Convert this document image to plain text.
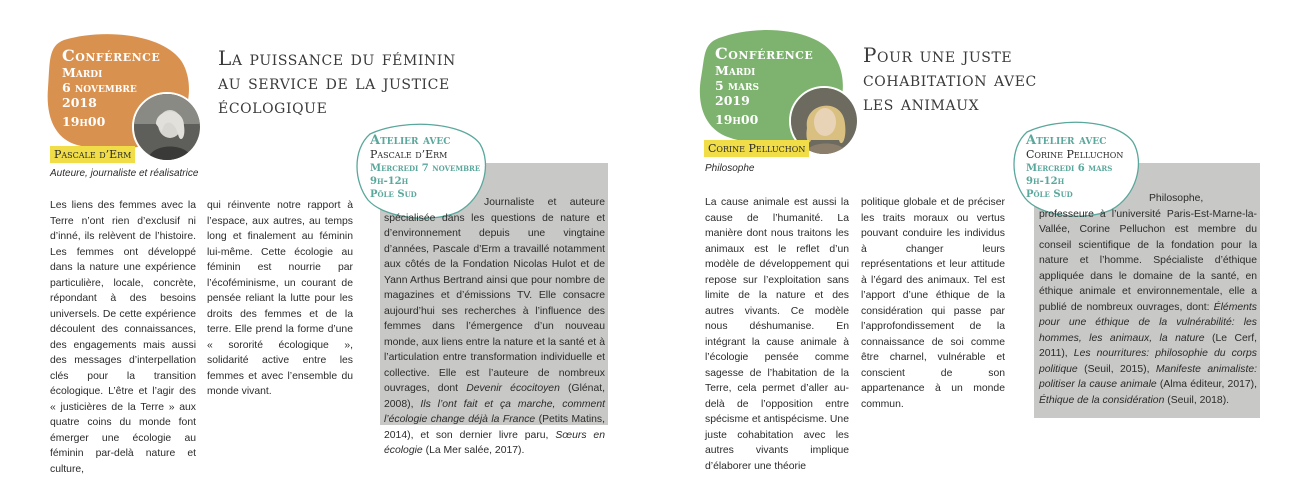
Conférence
Mardi
6 novembre
2018
19h00
Pascale d’Erm
Auteure, journaliste et réalisatrice
La puissance du féminin
au service de la justice
écologique
Les liens des femmes avec la Terre n’ont rien d’exclusif ni d’inné, ils relèvent de l’histoire. Les femmes ont développé dans la nature une expérience particulière, locale, concrète, répondant à des besoins universels. De cette expérience découlent des connaissances, des engagements mais aussi des messages d’interpellation clés pour la transition écologique. L’être et l’agir des « justicières de la Terre » aux quatre coins du monde font émerger une écologie au féminin par-delà nature et culture,
qui réinvente notre rapport à l’espace, aux autres, au temps long et finalement au féminin lui-même. Cette écologie au féminin est nourrie par l’écoféminisme, un courant de pensée reliant la lutte pour les droits des femmes et de la terre. Elle prend la forme d’une « sororité écologique », solidarité active entre les femmes et avec l’ensemble du monde vivant.
Atelier avec
Pascale d’Erm
Mercredi 7 novembre
9h-12h
Pôle Sud
Journaliste et auteure spécialisée dans les questions de nature et d’environnement depuis une vingtaine d’années, Pascale d’Erm a travaillé notamment aux côtés de la Fondation Nicolas Hulot et de Yann Arthus Bertrand ainsi que pour nombre de magazines et d’émissions TV. Elle consacre aujourd’hui ses recherches à l’influence des femmes dans l’émergence d’un nouveau monde, aux liens entre la nature et la santé et à l’articulation entre transformation individuelle et collective. Elle est l’auteure de nombreux ouvrages, dont Devenir écocitoyen (Glénat, 2008), Ils l’ont fait et ça marche, comment l’écologie change déjà la France (Petits Matins, 2014), et son dernier livre paru, Sœurs en écologie (La Mer salée, 2017).
Conférence
Mardi
5 mars
2019
19h00
Corine Pelluchon
Philosophe
Pour une juste
cohabitation avec
les animaux
La cause animale est aussi la cause de l’humanité. La manière dont nous traitons les animaux est le reflet d’un modèle de développement qui repose sur l’exploitation sans limite de la nature et des autres vivants. Ce modèle nous déshumanise. En intégrant la cause animale à l’écologie pensée comme sagesse de l’habitation de la Terre, cela permet d’aller au-delà de l’opposition entre spécisme et antispécisme. Une juste cohabitation avec les autres vivants implique d’élaborer une théorie
politique globale et de préciser les traits moraux ou vertus pouvant conduire les individus à changer leurs représentations et leur attitude à l’égard des animaux. Tel est l’apport d’une éthique de la considération qui passe par l’approfondissement de la connaissance de soi comme être charnel, vulnérable et conscient de son appartenance à un monde commun.
Atelier avec
Corine Pelluchon
Mercredi 6 mars
9h-12h
Pôle Sud	Philosophe, professeure à l’université Paris-Est-Marne-la-Vallée, Corine Pelluchon est membre du conseil scientifique de la fondation pour la nature et l’homme. Spécialiste d’éthique appliquée dans le domaine de la santé, en éthique animale et environnementale, elle a publié de nombreux ouvrages, dont: Éléments pour une éthique de la vulnérabilité: les hommes, les animaux, la nature (Le Cerf, 2011), Les nourritures: philosophie du corps politique (Seuil, 2015), Manifeste animaliste: politiser la cause animale (Alma éditeur, 2017), Éthique de la considération (Seuil, 2018).
